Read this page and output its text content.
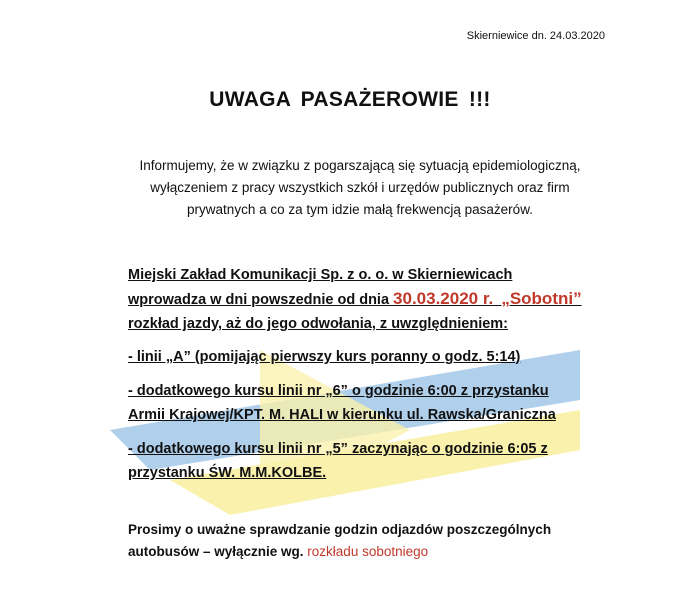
Skierniewice dn. 24.03.2020
UWAGA PASAŻEROWIE !!!
Informujemy, że w związku z pogarszającą się sytuacją epidemiologiczną,
wyłączeniem z pracy wszystkich szkół i urzędów publicznych oraz firm
prywatnych a co za tym idzie małą frekwencją pasażerów.
Miejski Zakład Komunikacji Sp. z o. o. w Skierniewicach
wprowadza w dni powszednie od dnia 30.03.2020 r. „Sobotni”
rozkład jazdy, aż do jego odwołania, z uwzględnieniem:
- linii „A” (pomijając pierwszy kurs poranny o godz. 5:14)
- dodatkowego kursu linii nr „6” o godzinie 6:00 z przystanku
Armii Krajowej/KPT. M. HALI w kierunku ul. Rawska/Graniczna
- dodatkowego kursu linii nr „5” zaczynając o godzinie 6:05 z
przystanku ŚW. M.M.KOLBE.
Prosimy o uważne sprawdzanie godzin odjazdów poszczególnych
autobusów – wyłącznie wg. rozkładu sobotniego
